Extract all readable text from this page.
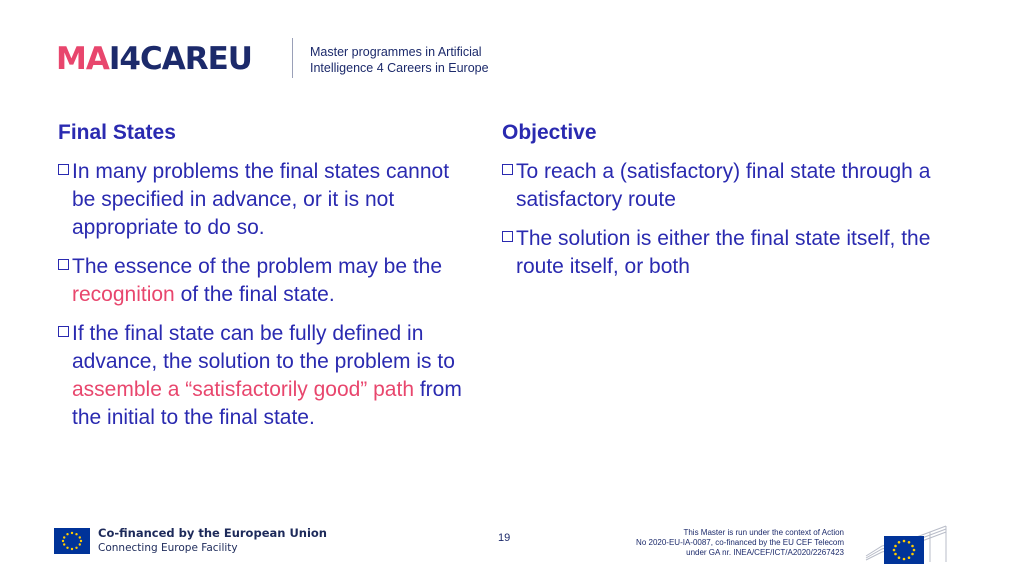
MAI4CAREU	Master programmes in Artificial
Intelligence 4 Careers in Europe
Final States
In many problems the final states cannot be specified in advance, or it is not appropriate to do so.
The essence of the problem may be the recognition of the final state.
If the final state can be fully defined in advance, the solution to the problem is to assemble a “satisfactorily good” path from the initial to the final state.
Objective
To reach a (satisfactory) final state through a satisfactory route
The solution is either the final state itself, the route itself, or both
Co-financed by the European Union
Connecting Europe Facility
19	This Master is run under the context of Action
No 2020-EU-IA-0087, co-financed by the EU CEF Telecom
under GA nr. INEA/CEF/ICT/A2020/2267423
